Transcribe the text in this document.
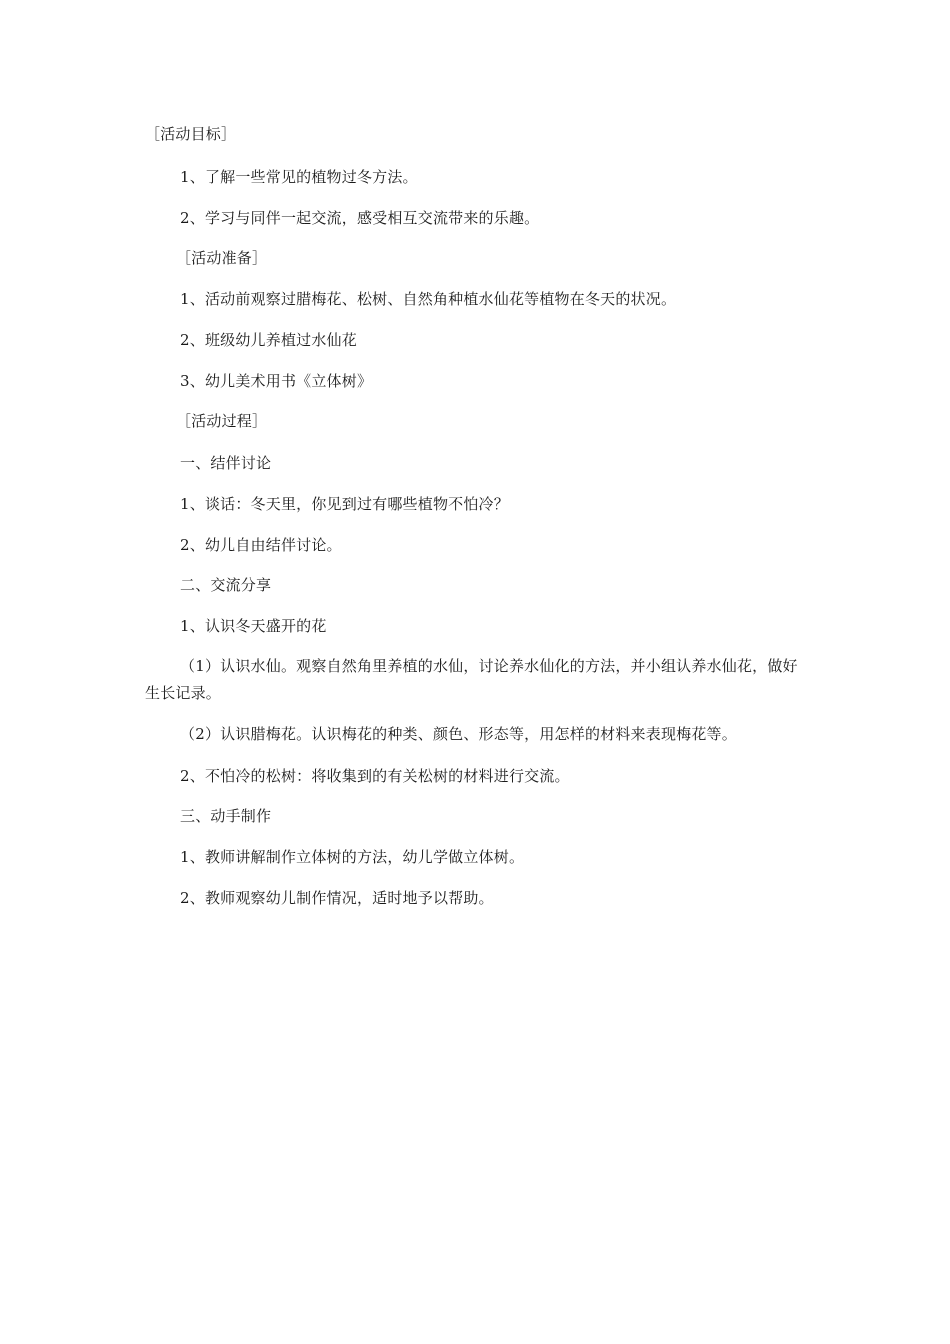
［活动目标］
1、了解一些常见的植物过冬方法。
2、学习与同伴一起交流，感受相互交流带来的乐趣。
［活动准备］
1、活动前观察过腊梅花、松树、自然角种植水仙花等植物在冬天的状况。
2、班级幼儿养植过水仙花
3、幼儿美术用书《立体树》
［活动过程］
一、结伴讨论
1、谈话：冬天里，你见到过有哪些植物不怕冷？
2、幼儿自由结伴讨论。
二、交流分享
1、认识冬天盛开的花
（1）认识水仙。观察自然角里养植的水仙，讨论养水仙化的方法，并小组认养水仙花，做好生长记录。
（2）认识腊梅花。认识梅花的种类、颜色、形态等，用怎样的材料来表现梅花等。
2、不怕冷的松树：将收集到的有关松树的材料进行交流。
三、动手制作
1、教师讲解制作立体树的方法，幼儿学做立体树。
2、教师观察幼儿制作情况，适时地予以帮助。
